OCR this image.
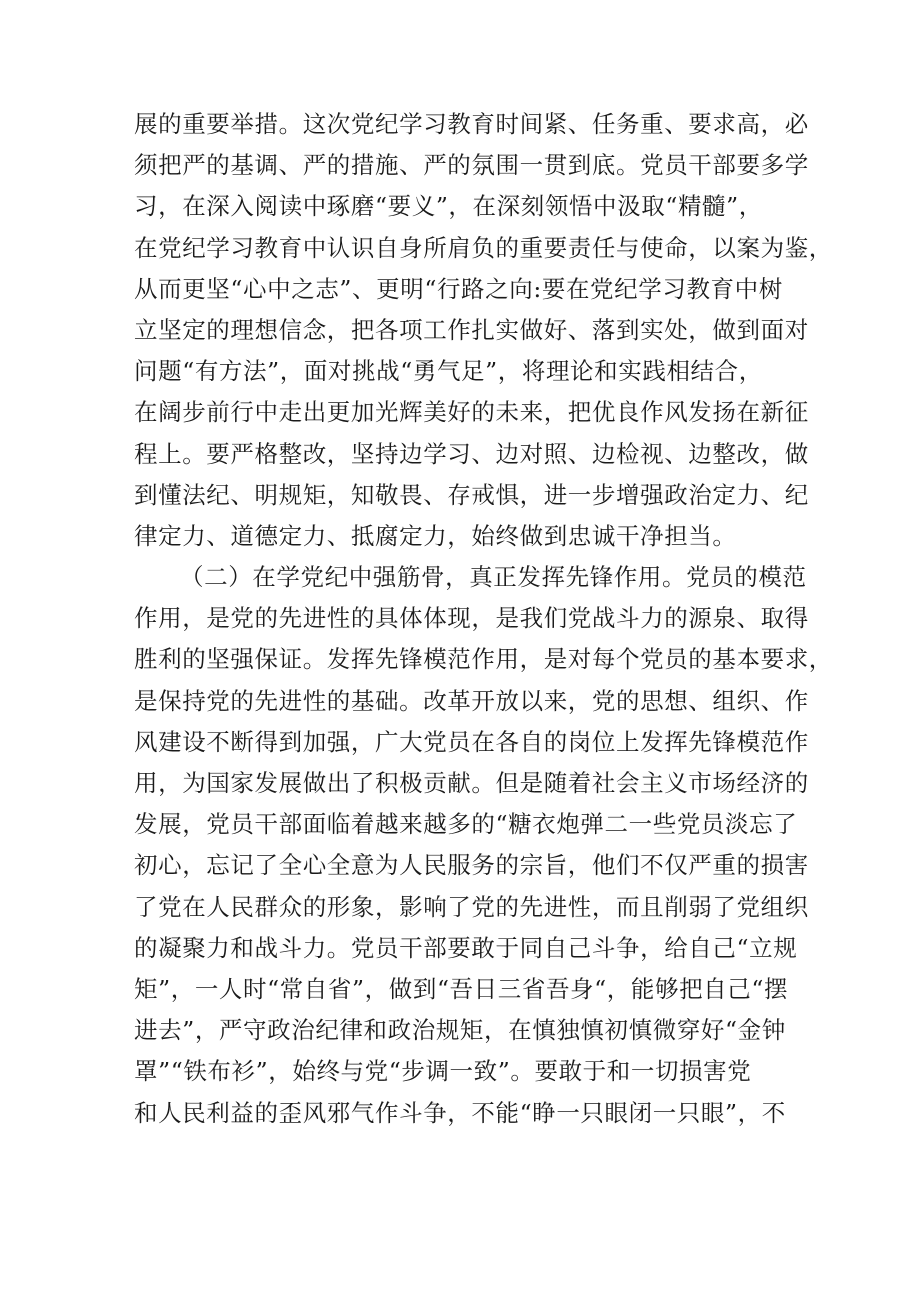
展的重要举措。这次党纪学习教育时间紧、任务重、要求高，必
须把严的基调、严的措施、严的氛围一贯到底。党员干部要多学
习，在深入阅读中琢磨“要义”，在深刻领悟中汲取“精髓”，
在党纪学习教育中认识自身所肩负的重要责任与使命，以案为鉴，
从而更坚“心中之志”、更明“行路之向:要在党纪学习教育中树
立坚定的理想信念，把各项工作扎实做好、落到实处，做到面对
问题“有方法”，面对挑战“勇气足”，将理论和实践相结合，
在阔步前行中走出更加光辉美好的未来，把优良作风发扬在新征
程上。要严格整改，坚持边学习、边对照、边检视、边整改，做
到懂法纪、明规矩，知敬畏、存戒惧，进一步增强政治定力、纪
律定力、道德定力、抵腐定力，始终做到忠诚干净担当。
（二）在学党纪中强筋骨，真正发挥先锋作用。党员的模范
作用，是党的先进性的具体体现，是我们党战斗力的源泉、取得
胜利的坚强保证。发挥先锋模范作用，是对每个党员的基本要求，
是保持党的先进性的基础。改革开放以来，党的思想、组织、作
风建设不断得到加强，广大党员在各自的岗位上发挥先锋模范作
用，为国家发展做出了积极贡献。但是随着社会主义市场经济的
发展，党员干部面临着越来越多的“糖衣炮弹二一些党员淡忘了
初心，忘记了全心全意为人民服务的宗旨，他们不仅严重的损害
了党在人民群众的形象，影响了党的先进性，而且削弱了党组织
的凝聚力和战斗力。党员干部要敢于同自己斗争，给自己“立规
矩”，一人时“常自省”，做到“吾日三省吾身“，能够把自己“摆
进去”，严守政治纪律和政治规矩，在慎独慎初慎微穿好“金钟
罩”“铁布衫”，始终与党“步调一致”。要敢于和一切损害党
和人民利益的歪风邪气作斗争，不能“睁一只眼闭一只眼”，不
